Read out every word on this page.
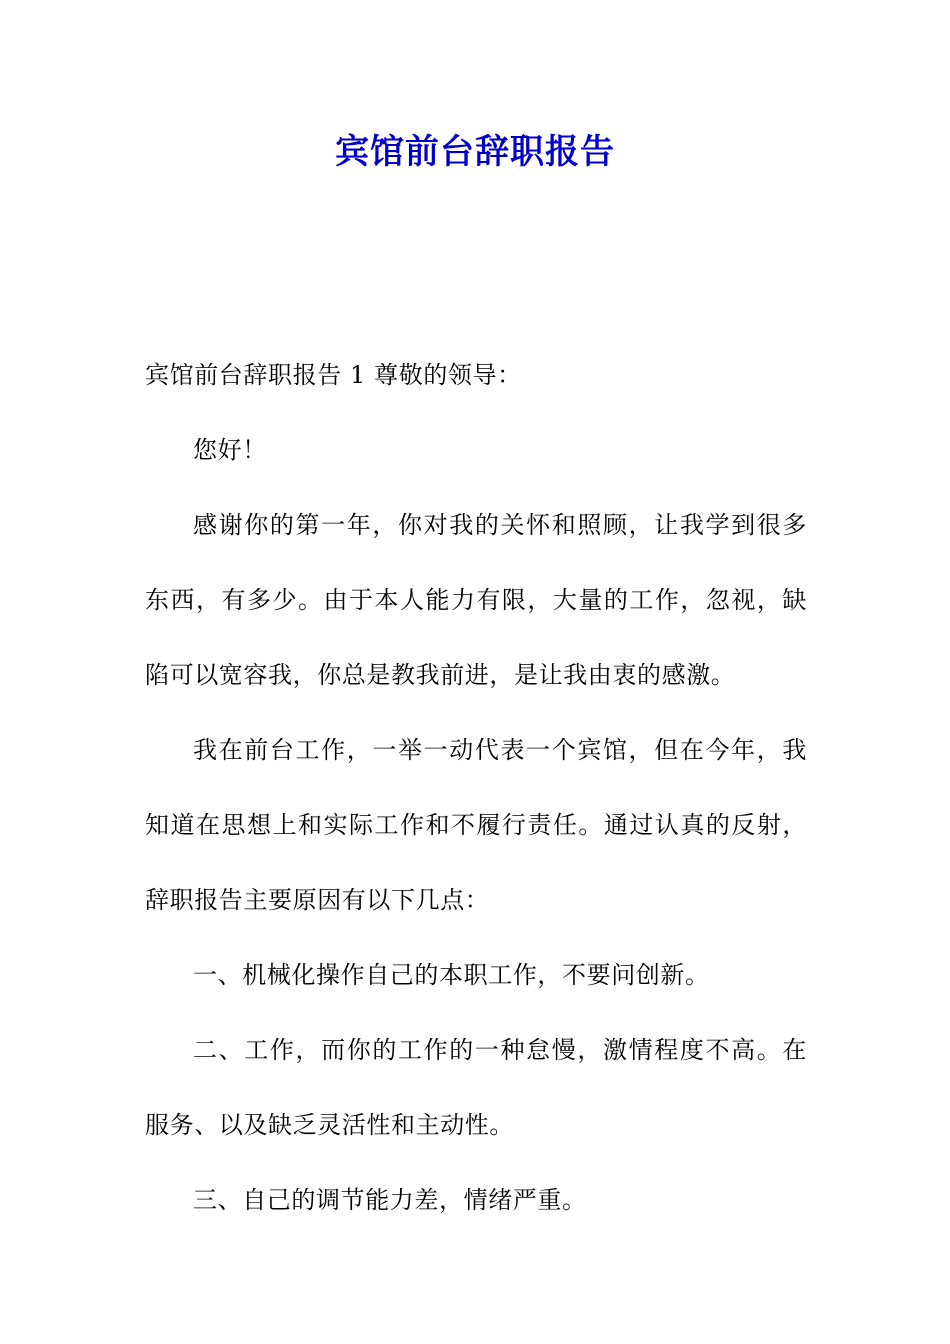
宾馆前台辞职报告

宾馆前台辞职报告 1 尊敬的领导：

您好！

感谢你的第一年，你对我的关怀和照顾，让我学到很多东西，有多少。由于本人能力有限，大量的工作，忽视，缺陷可以宽容我，你总是教我前进，是让我由衷的感激。

我在前台工作，一举一动代表一个宾馆，但在今年，我知道在思想上和实际工作和不履行责任。通过认真的反射，辞职报告主要原因有以下几点：

一、机械化操作自己的本职工作，不要问创新。

二、工作，而你的工作的一种怠慢，激情程度不高。在服务、以及缺乏灵活性和主动性。

三、自己的调节能力差，情绪严重。
